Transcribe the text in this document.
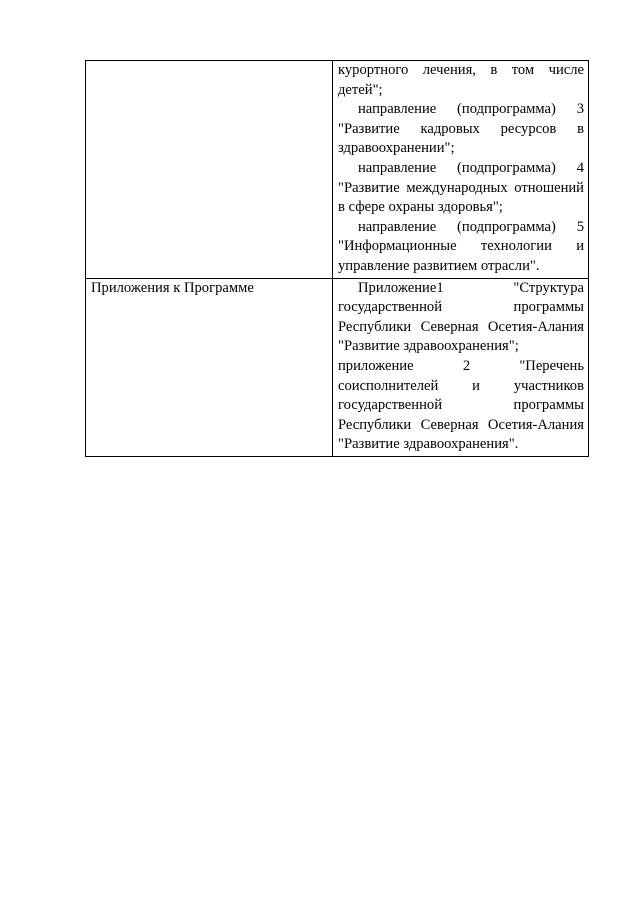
	курортного лечения, в том числе детей";

направление (подпрограмма) 3 "Развитие кадровых ресурсов в здравоохранении";

направление (подпрограмма) 4 "Развитие международных отношений в сфере охраны здоровья";

направление (подпрограмма) 5 "Информационные технологии и управление развитием отрасли".

Приложения к Программе	Приложение1 "Структура государственной программы Республики Северная Осетия-Алания "Развитие здравоохранения";

приложение 2 "Перечень соисполнителей и участников государственной программы Республики Северная Осетия-Алания "Развитие здравоохранения".
